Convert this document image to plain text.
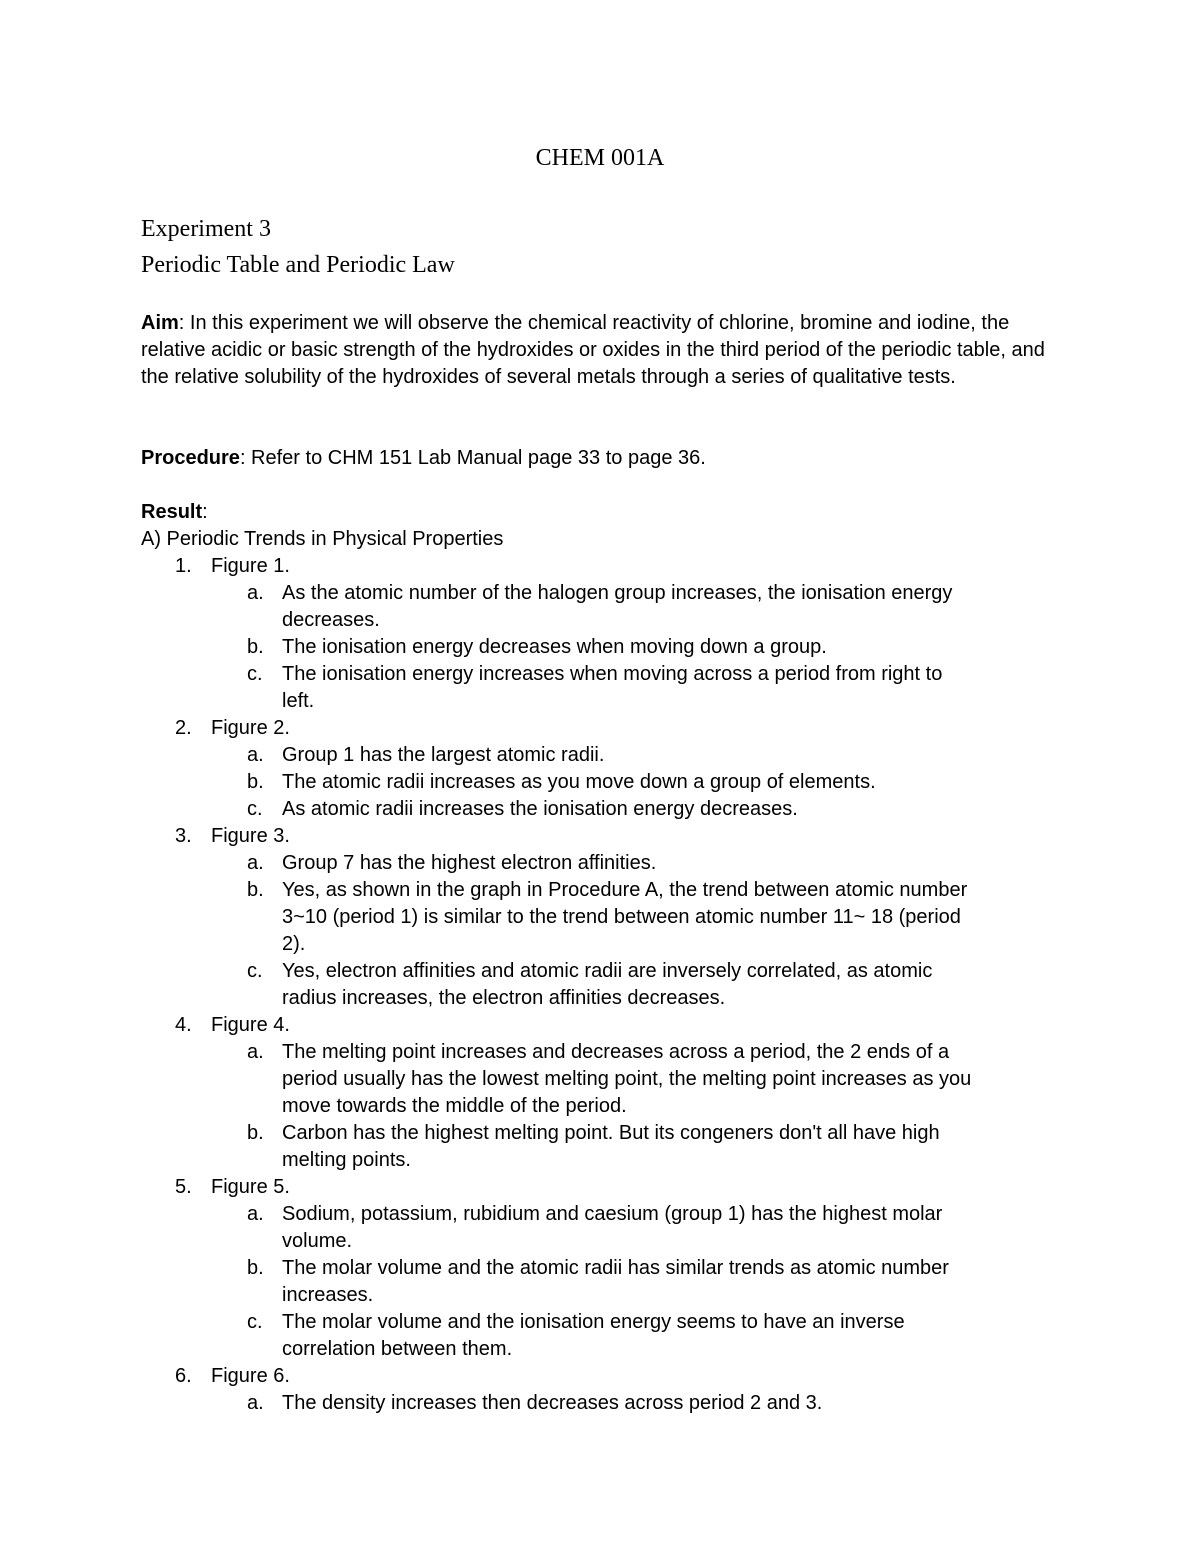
CHEM 001A
Experiment 3
Periodic Table and Periodic Law

Aim: In this experiment we will observe the chemical reactivity of chlorine, bromine and iodine, the relative acidic or basic strength of the hydroxides or oxides in the third period of the periodic table, and the relative solubility of the hydroxides of several metals through a series of qualitative tests.

Procedure: Refer to CHM 151 Lab Manual page 33 to page 36.

Result:

A) Periodic Trends in Physical Properties

1. Figure 1.
a. As the atomic number of the halogen group increases, the ionisation energy decreases.
b. The ionisation energy decreases when moving down a group.
c. The ionisation energy increases when moving across a period from right to left.
2. Figure 2.
a. Group 1 has the largest atomic radii.
b. The atomic radii increases as you move down a group of elements.
c. As atomic radii increases the ionisation energy decreases.
3. Figure 3.
a. Group 7 has the highest electron affinities.
b. Yes, as shown in the graph in Procedure A, the trend between atomic number 3~10 (period 1) is similar to the trend between atomic number 11~ 18 (period 2).
c. Yes, electron affinities and atomic radii are inversely correlated, as atomic radius increases, the electron affinities decreases.
4. Figure 4.
a. The melting point increases and decreases across a period, the 2 ends of a period usually has the lowest melting point, the melting point increases as you move towards the middle of the period.
b. Carbon has the highest melting point. But its congeners don't all have high melting points.
5. Figure 5.
a. Sodium, potassium, rubidium and caesium (group 1) has the highest molar volume.
b. The molar volume and the atomic radii has similar trends as atomic number increases.
c. The molar volume and the ionisation energy seems to have an inverse correlation between them.
6. Figure 6.
a. The density increases then decreases across period 2 and 3.
